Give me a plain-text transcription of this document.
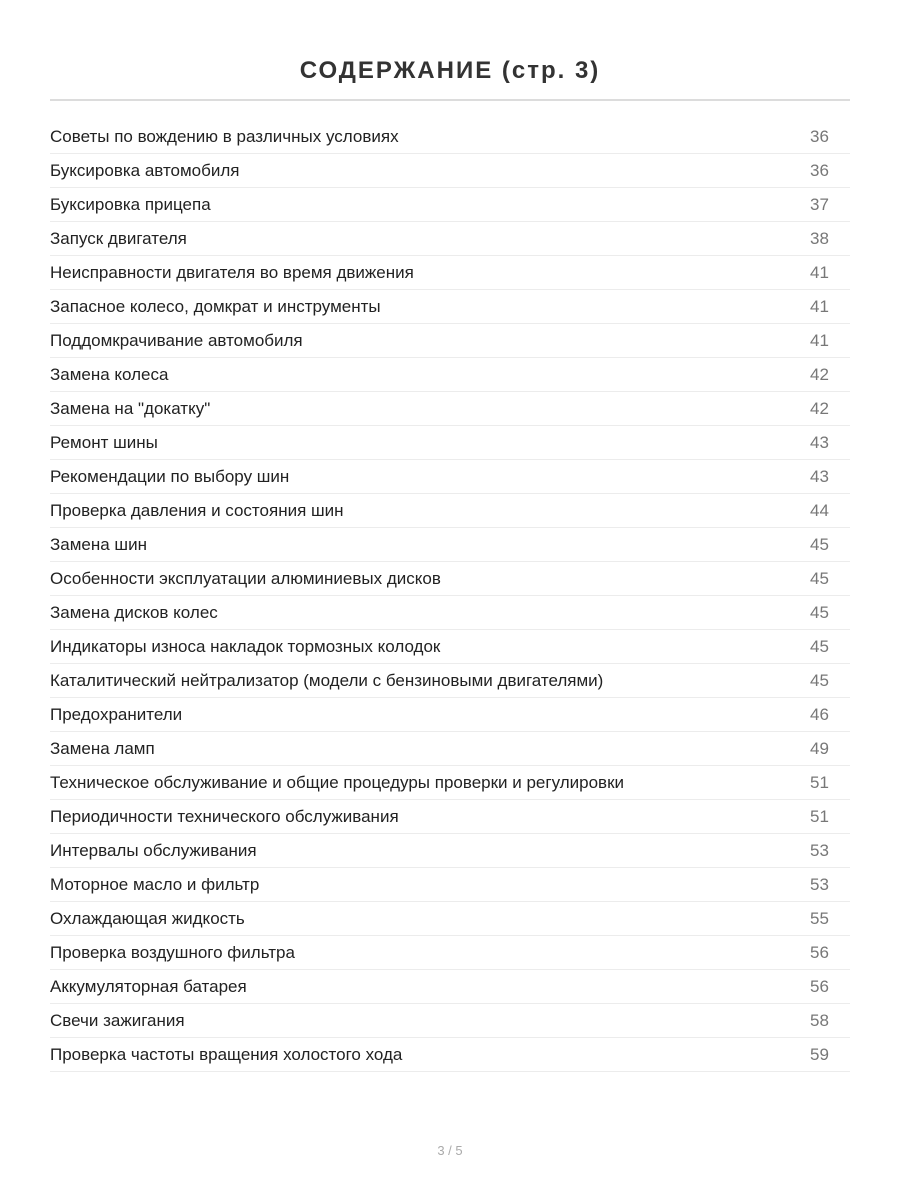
СОДЕРЖАНИЕ (стр. 3)
Советы по вождению в различных условиях	36
Буксировка автомобиля	36
Буксировка прицепа	37
Запуск двигателя	38
Неисправности двигателя во время движения	41
Запасное колесо, домкрат и инструменты	41
Поддомкрачивание автомобиля	41
Замена колеса	42
Замена на "докатку"	42
Ремонт шины	43
Рекомендации по выбору шин	43
Проверка давления и состояния шин	44
Замена шин	45
Особенности эксплуатации алюминиевых дисков	45
Замена дисков колес	45
Индикаторы износа накладок тормозных колодок	45
Каталитический нейтрализатор (модели с бензиновыми двигателями)	45
Предохранители	46
Замена ламп	49
Техническое обслуживание и общие процедуры проверки и регулировки	51
Периодичности технического обслуживания	51
Интервалы обслуживания	53
Моторное масло и фильтр	53
Охлаждающая жидкость	55
Проверка воздушного фильтра	56
Аккумуляторная батарея	56
Свечи зажигания	58
Проверка частоты вращения холостого хода	59
3 / 5
